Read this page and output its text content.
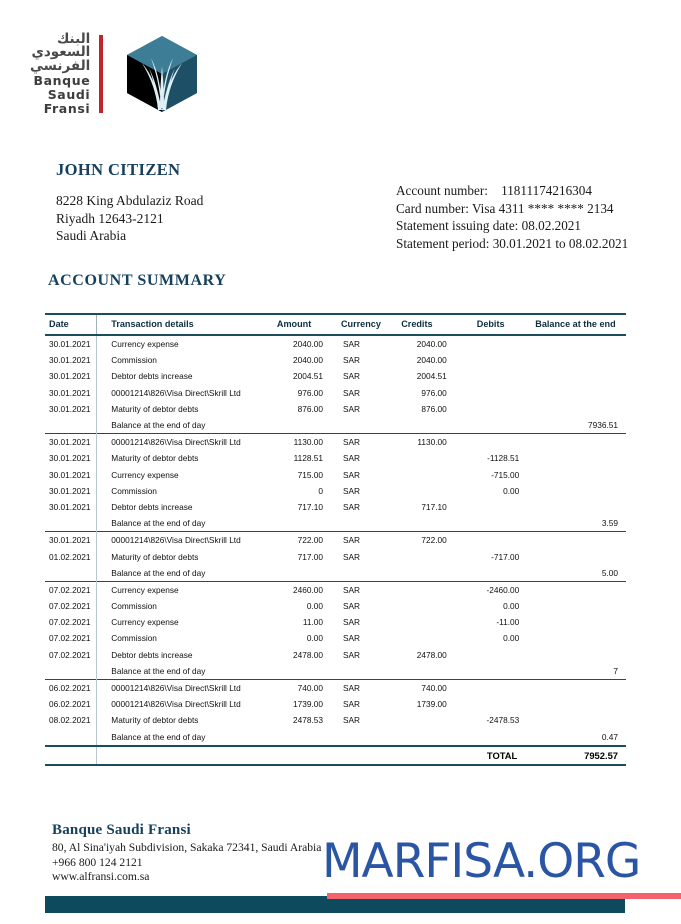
البنك
السعودي
الفرنسي
Banque
Saudi
Fransi
JOHN CITIZEN
8228 King Abdulaziz Road
Riyadh 12643-2121
Saudi Arabia
Account number: 11811174216304
Card number: Visa 4311 **** **** 2134
Statement issuing date: 08.02.2021
Statement period: 30.01.2021 to 08.02.2021
ACCOUNT SUMMARY
Date	Transaction details	Amount	Currency	Credits	Debits	Balance at the end
30.01.2021	Currency expense	2040.00	SAR	2040.00		
30.01.2021	Commission	2040.00	SAR	2040.00		
30.01.2021	Debtor debts increase	2004.51	SAR	2004.51		
30.01.2021	00001214\826\Visa Direct\Skrill Ltd	976.00	SAR	976.00		
30.01.2021	Maturity of debtor debts	876.00	SAR	876.00		
	Balance at the end of day					7936.51
30.01.2021	00001214\826\Visa Direct\Skrill Ltd	1130.00	SAR	1130.00		
30.01.2021	Maturity of debtor debts	1128.51	SAR		-1128.51	
30.01.2021	Currency expense	715.00	SAR		-715.00	
30.01.2021	Commission	0	SAR		0.00	
30.01.2021	Debtor debts increase	717.10	SAR	717.10		
	Balance at the end of day					3.59
30.01.2021	00001214\826\Visa Direct\Skrill Ltd	722.00	SAR	722.00		
01.02.2021	Maturity of debtor debts	717.00	SAR		-717.00	
	Balance at the end of day					5.00
07.02.2021	Currency expense	2460.00	SAR		-2460.00	
07.02.2021	Commission	0.00	SAR		0.00	
07.02.2021	Currency expense	11.00	SAR		-11.00	
07.02.2021	Commission	0.00	SAR		0.00	
07.02.2021	Debtor debts increase	2478.00	SAR	2478.00		
	Balance at the end of day					7
06.02.2021	00001214\826\Visa Direct\Skrill Ltd	740.00	SAR	740.00		
06.02.2021	00001214\826\Visa Direct\Skrill Ltd	1739.00	SAR	1739.00		
08.02.2021	Maturity of debtor debts	2478.53	SAR		-2478.53	
	Balance at the end of day					0.47
					TOTAL	7952.57
Banque Saudi Fransi
80, Al Sina'iyah Subdivision, Sakaka 72341, Saudi Arabia
+966 800 124 2121
www.alfransi.com.sa	MARFISA.ORG
